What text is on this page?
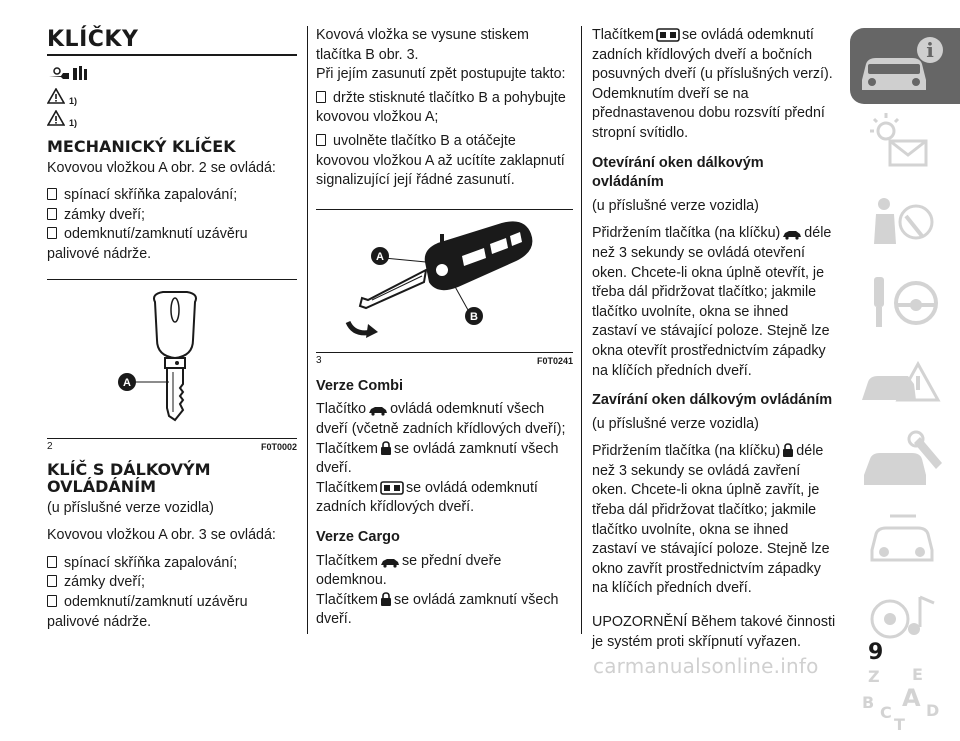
KLÍČKY
$^{1)}$
$^{1)}$
MECHANICKÝ KLÍČEK

Kovovou vložkou A obr. 2 se ovládá:

spínací skříňka zapalování;

zámky dveří;

odemknutí/zamknutí uzávěru palivové nádrže.

A
2	F0T0002
KLÍČ S DÁLKOVÝM OVLÁDÁNÍM

(u příslušné verze vozidla)

Kovovou vložkou A obr. 3 se ovládá:

spínací skříňka zapalování;

zámky dveří;

odemknutí/zamknutí uzávěru palivové nádrže.

Kovová vložka se vysune stiskem tlačítka B obr. 3.
Při jejím zasunutí zpět postupujte takto:

držte stisknuté tlačítko B a pohybujte kovovou vložkou A;

uvolněte tlačítko B a otáčejte kovovou vložkou A až ucítíte zaklapnutí signalizující její řádné zasunutí.

A
B
3	F0T0241
Verze Combi

Tlačítko ovládá odemknutí všech dveří (včetně zadních křídlových dveří);
Tlačítkem se ovládá zamknutí všech dveří.
Tlačítkem se ovládá odemknutí zadních křídlových dveří.

Verze Cargo

Tlačítkem se přední dveře odemknou.
Tlačítkem se ovládá zamknutí všech dveří.

Tlačítkem se ovládá odemknutí zadních křídlových dveří a bočních posuvných dveří (u příslušných verzí). Odemknutím dveří se na přednastavenou dobu rozsvítí přední stropní svítidlo.

Otevírání oken dálkovým ovládáním

(u příslušné verze vozidla)

Přidržením tlačítka (na klíčku) déle než 3 sekundy se ovládá otevření oken. Chcete-li okna úplně otevřít, je třeba dál přidržovat tlačítko; jakmile tlačítko uvolníte, okna se ihned zastaví ve stávající poloze. Stejně lze okna otevřít prostřednictvím západky na klíčích předních dveří.

Zavírání oken dálkovým ovládáním

(u příslušné verze vozidla)

Přidržením tlačítka (na klíčku) déle než 3 sekundy se ovládá zavření oken. Chcete-li okna úplně zavřít, je třeba dál přidržovat tlačítko; jakmile tlačítko uvolníte, okna se ihned zastaví ve stávající poloze. Stejně lze okno zavřít prostřednictvím západky na klíčích předních dveří.

UPOZORNĚNÍ Během takové činnosti je systém proti skřípnutí vyřazen.

i
Z E
B A
C D
T
9
carmanualsonline.info
